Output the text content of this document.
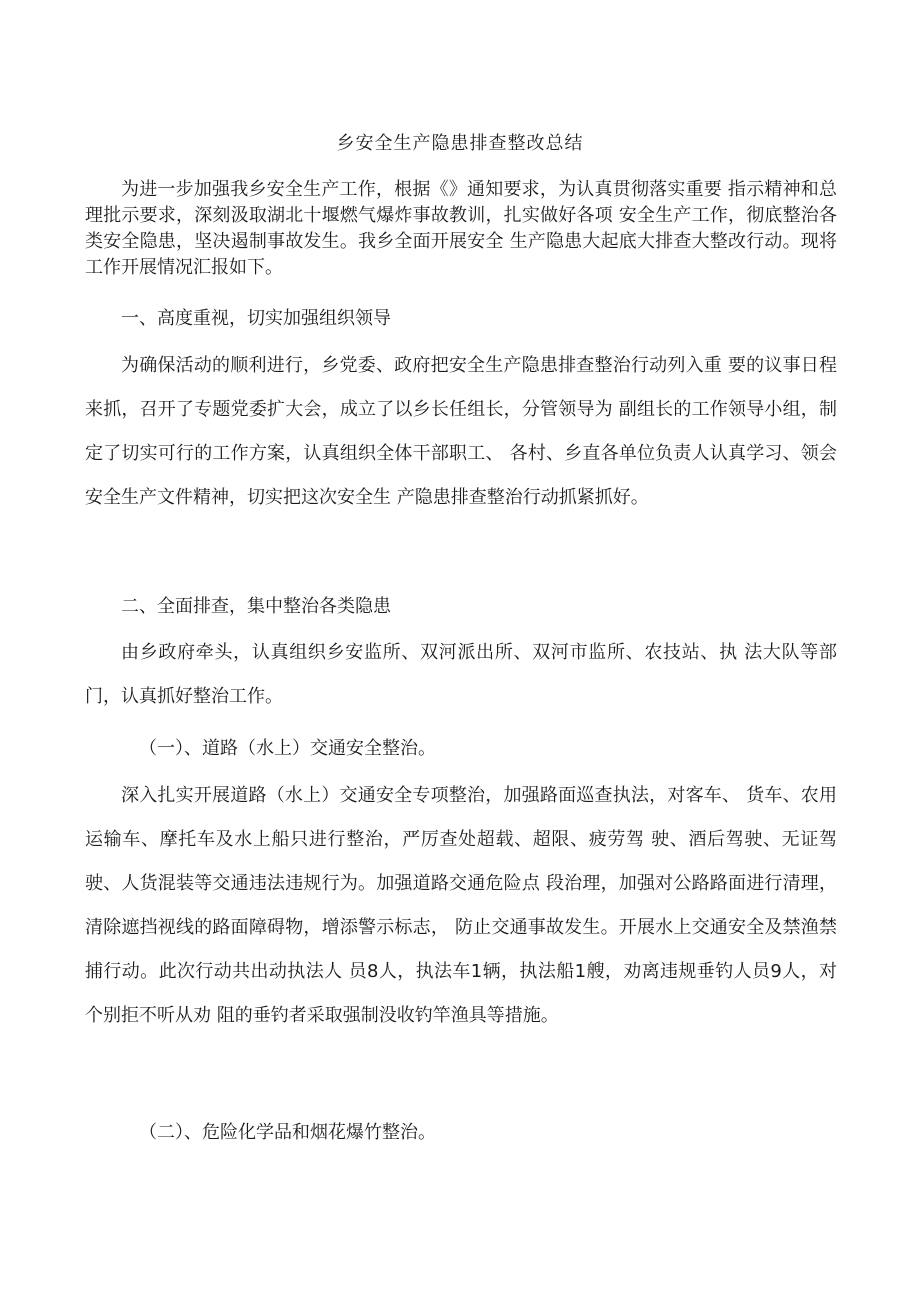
乡安全生产隐患排查整改总结

为进一步加强我乡安全生产工作，根据《》通知要求，为认真贯彻落实重要 指示精神和总理批示要求，深刻汲取湖北十堰燃气爆炸事故教训，扎实做好各项 安全生产工作，彻底整治各类安全隐患，坚决遏制事故发生。我乡全面开展安全 生产隐患大起底大排查大整改行动。现将工作开展情况汇报如下。

一、高度重视，切实加强组织领导

为确保活动的顺利进行，乡党委、政府把安全生产隐患排查整治行动列入重 要的议事日程来抓，召开了专题党委扩大会，成立了以乡长任组长，分管领导为 副组长的工作领导小组，制定了切实可行的工作方案，认真组织全体干部职工、 各村、乡直各单位负责人认真学习、领会安全生产文件精神，切实把这次安全生 产隐患排查整治行动抓紧抓好。

二、全面排查，集中整治各类隐患

由乡政府牵头，认真组织乡安监所、双河派出所、双河市监所、农技站、执 法大队等部门，认真抓好整治工作。

（一）、道路（水上）交通安全整治。

深入扎实开展道路（水上）交通安全专项整治，加强路面巡查执法，对客车、 货车、农用运输车、摩托车及水上船只进行整治，严厉查处超载、超限、疲劳驾 驶、酒后驾驶、无证驾驶、人货混装等交通违法违规行为。加强道路交通危险点 段治理，加强对公路路面进行清理，清除遮挡视线的路面障碍物，增添警示标志， 防止交通事故发生。开展水上交通安全及禁渔禁捕行动。此次行动共出动执法人 员8人，执法车1辆，执法船1艘，劝离违规垂钓人员9人，对个别拒不听从劝 阻的垂钓者采取强制没收钓竿渔具等措施。

（二）、危险化学品和烟花爆竹整治。
